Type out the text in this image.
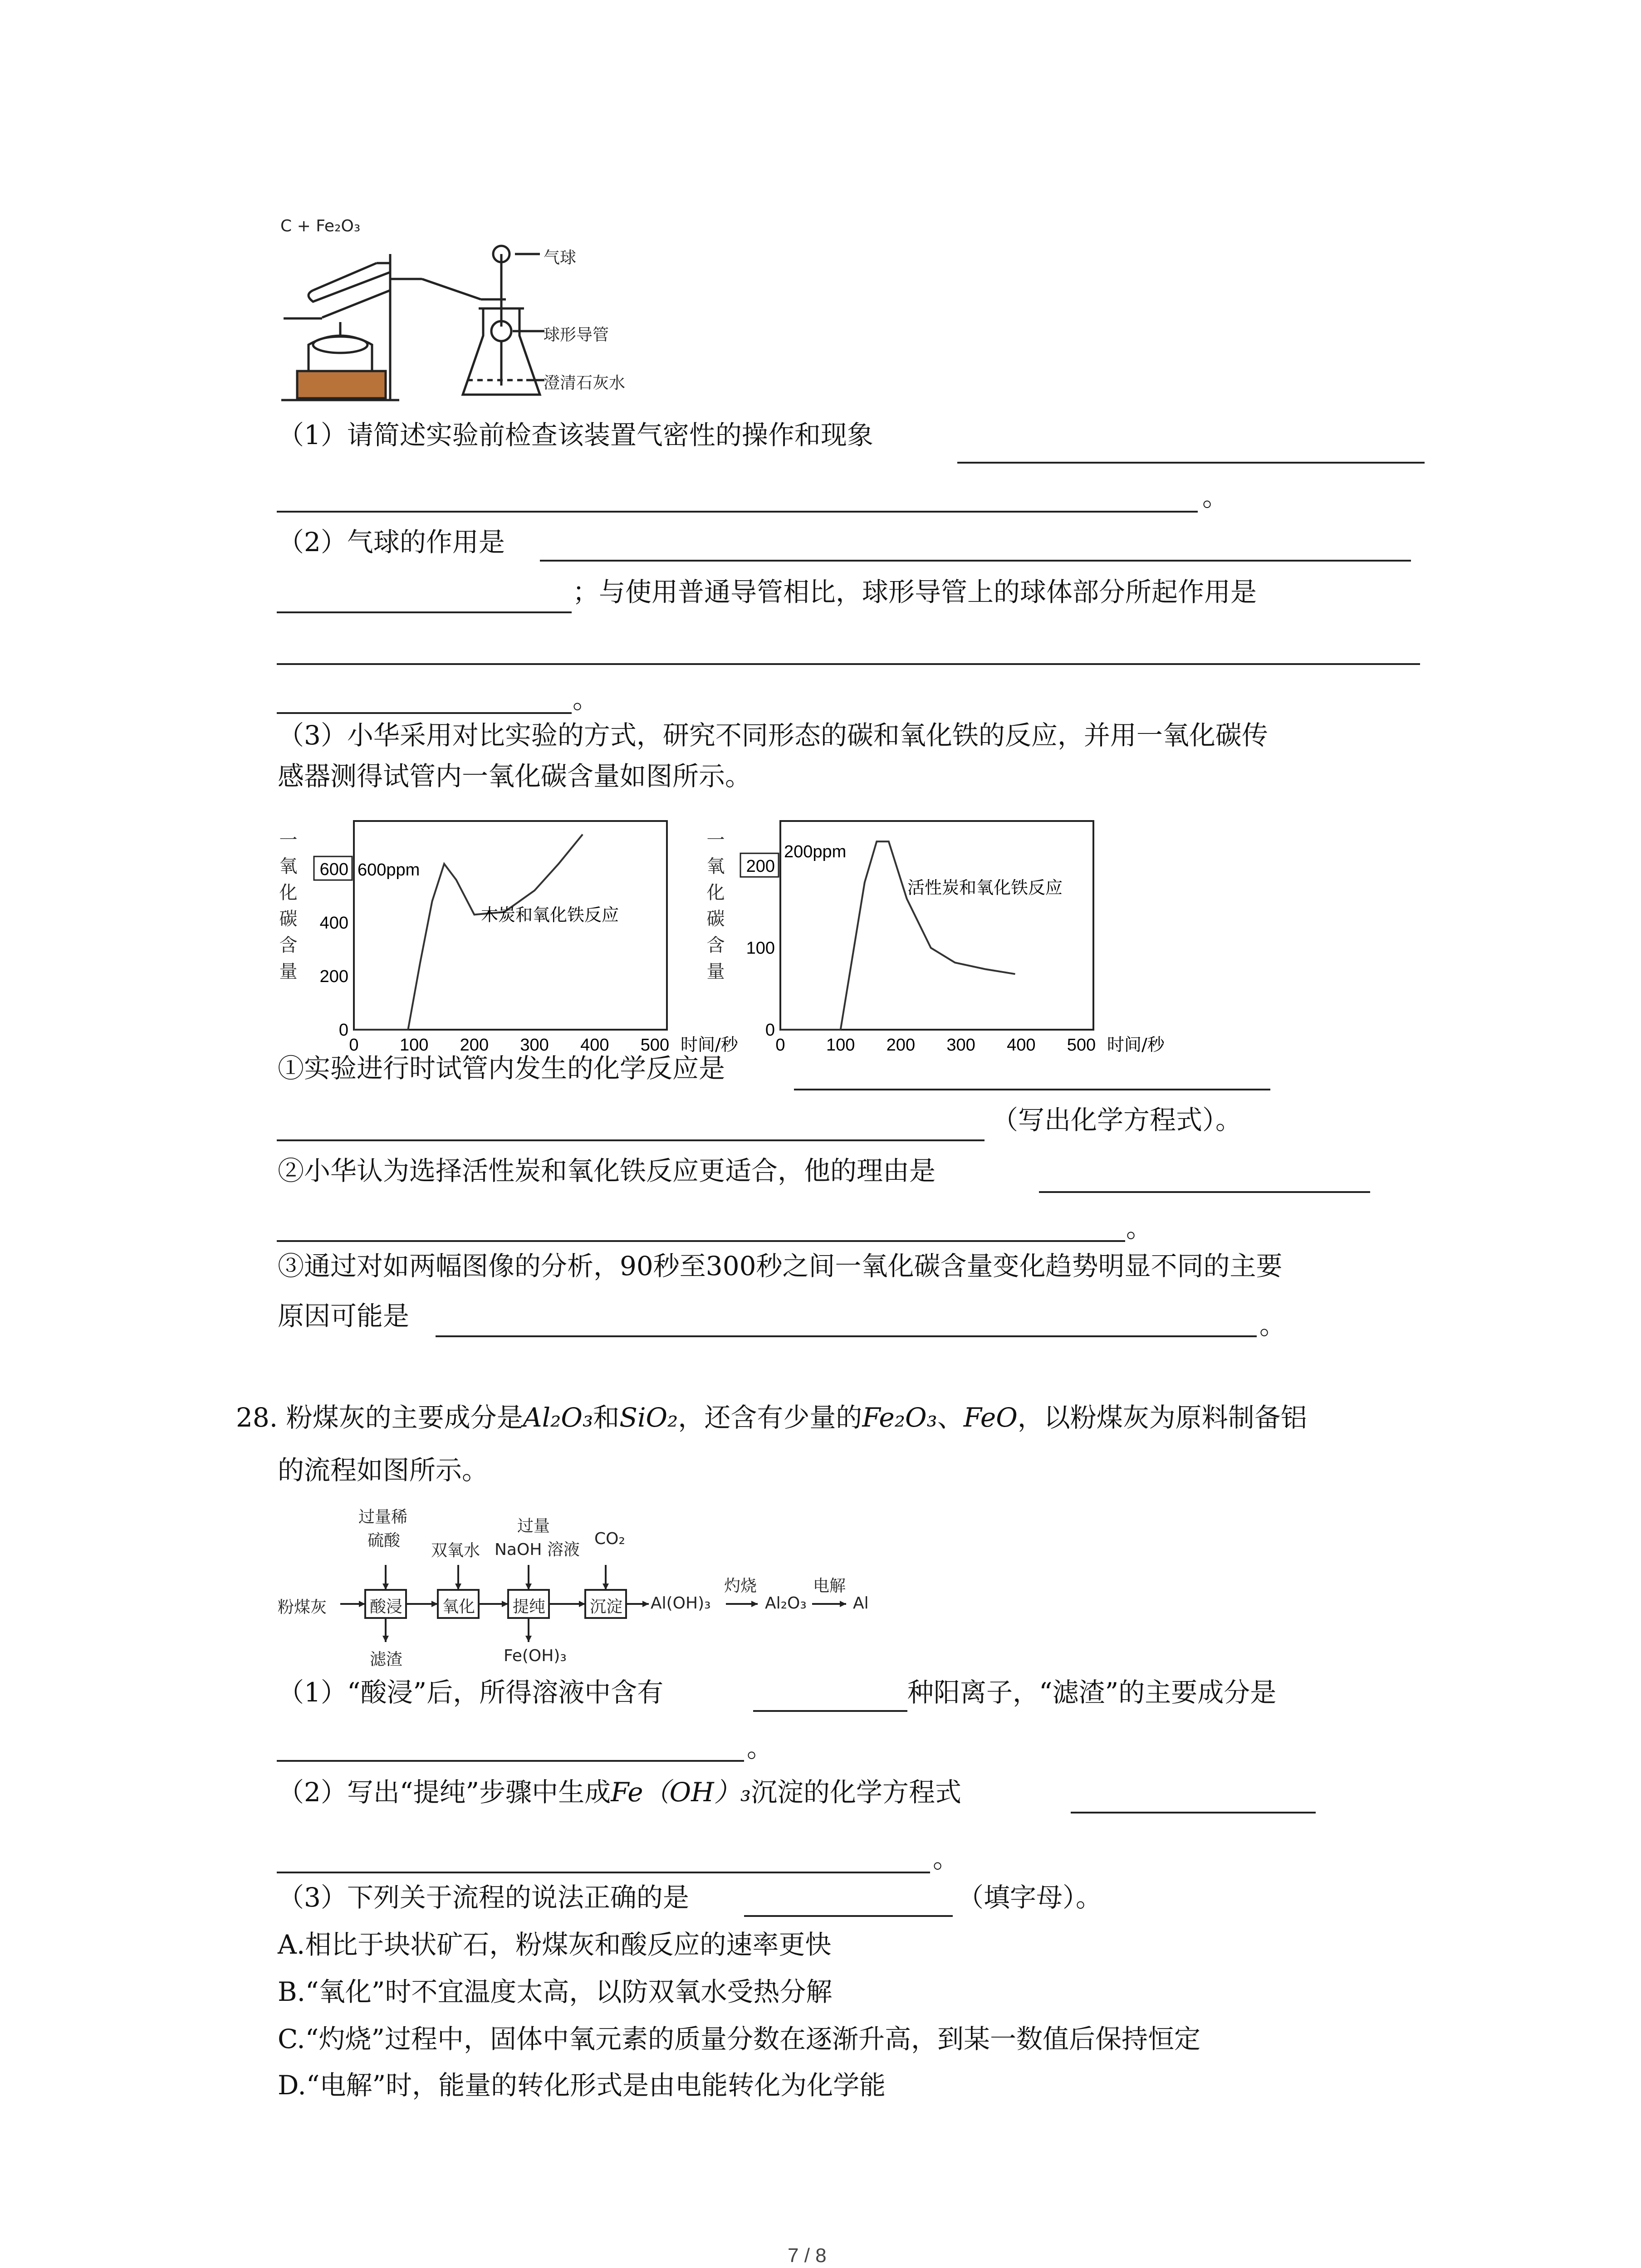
C + Fe₂O₃
气球
球形导管
澄清石灰水
（1）请简述实验前检查该装置气密性的操作和现象
。
（2）气球的作用是
；与使用普通导管相比，球形导管上的球体部分所起作用是
。
（3）小华采用对比实验的方式，研究不同形态的碳和氧化铁的反应，并用一氧化碳传
感器测得试管内一氧化碳含量如图所示。
一氧化碳含量
0 100 200 300 400 500 时间/秒
0
200
400
600 600ppm
木炭和氧化铁反应	一氧化碳含量
0 100 200 300 400 500 时间/秒
0
100
200
200ppm
活性炭和氧化铁反应
①实验进行时试管内发生的化学反应是
（写出化学方程式）。
②小华认为选择活性炭和氧化铁反应更适合，他的理由是
。
③通过对如两幅图像的分析，90秒至300秒之间一氧化碳含量变化趋势明显不同的主要
原因可能是	。
28. 粉煤灰的主要成分是Al₂O₃和SiO₂，还含有少量的Fe₂O₃、FeO，以粉煤灰为原料制备铝
的流程如图所示。
粉煤灰
过量稀
硫酸
双氧水
过量
NaOH 溶液
CO₂
酸浸 氧化 提纯	沉淀 Al(OH)₃
灼烧
Al₂O₃
电解
Al
滤渣	Fe(OH)₃
（1）“酸浸”后，所得溶液中含有	种阳离子，“滤渣”的主要成分是
。
（2）写出“提纯”步骤中生成Fe（OH）₃沉淀的化学方程式
。
（3）下列关于流程的说法正确的是	（填字母）。
A.相比于块状矿石，粉煤灰和酸反应的速率更快
B.“氧化”时不宜温度太高，以防双氧水受热分解
C.“灼烧”过程中，固体中氧元素的质量分数在逐渐升高，到某一数值后保持恒定
D.“电解”时，能量的转化形式是由电能转化为化学能
7 / 8
